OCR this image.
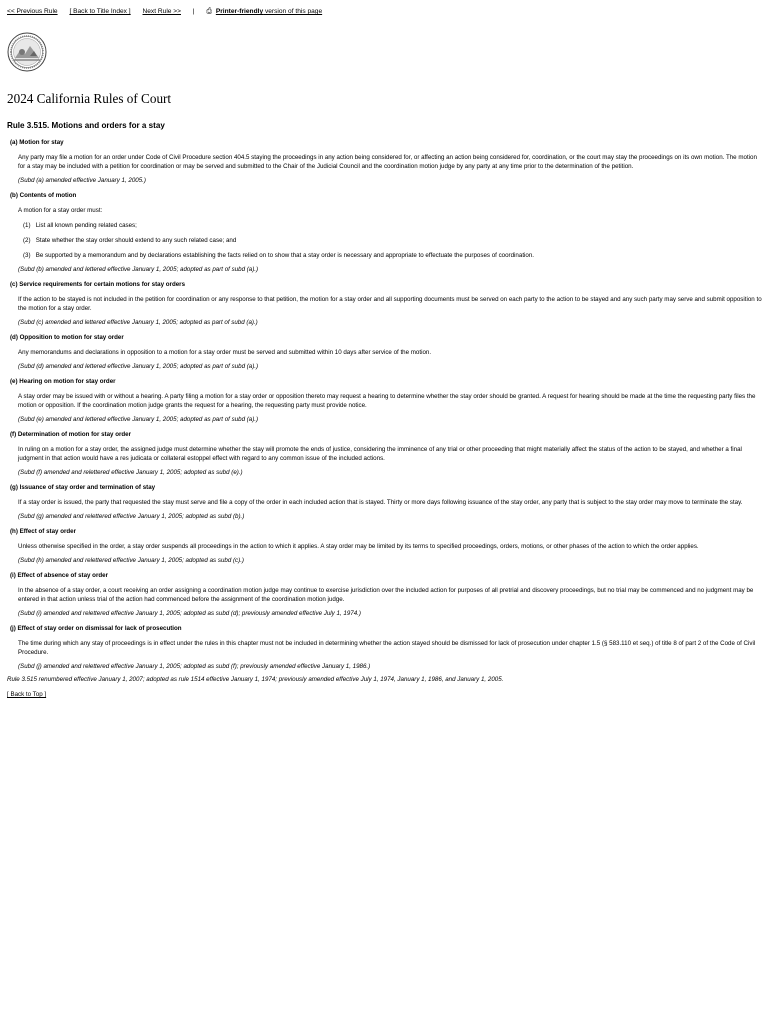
<< Previous Rule [ Back to Title Index ] Next Rule >> | ⎙ Printer-friendly version of this page
2024 California Rules of Court
Rule 3.515. Motions and orders for a stay
(a) Motion for stay
Any party may file a motion for an order under Code of Civil Procedure section 404.5 staying the proceedings in any action being considered for, or affecting an action being considered for, coordination, or the court may stay the proceedings on its own motion. The motion for a stay may be included with a petition for coordination or may be served and submitted to the Chair of the Judicial Council and the coordination motion judge by any party at any time prior to the determination of the petition.
(Subd (a) amended effective January 1, 2005.)
(b) Contents of motion
A motion for a stay order must:
(1) List all known pending related cases;
(2) State whether the stay order should extend to any such related case; and
(3) Be supported by a memorandum and by declarations establishing the facts relied on to show that a stay order is necessary and appropriate to effectuate the purposes of coordination.
(Subd (b) amended and lettered effective January 1, 2005; adopted as part of subd (a).)
(c) Service requirements for certain motions for stay orders
If the action to be stayed is not included in the petition for coordination or any response to that petition, the motion for a stay order and all supporting documents must be served on each party to the action to be stayed and any such party may serve and submit opposition to the motion for a stay order.
(Subd (c) amended and lettered effective January 1, 2005; adopted as part of subd (a).)
(d) Opposition to motion for stay order
Any memorandums and declarations in opposition to a motion for a stay order must be served and submitted within 10 days after service of the motion.
(Subd (d) amended and lettered effective January 1, 2005; adopted as part of subd (a).)
(e) Hearing on motion for stay order
A stay order may be issued with or without a hearing. A party filing a motion for a stay order or opposition thereto may request a hearing to determine whether the stay order should be granted. A request for hearing should be made at the time the requesting party files the motion or opposition. If the coordination motion judge grants the request for a hearing, the requesting party must provide notice.
(Subd (e) amended and lettered effective January 1, 2005; adopted as part of subd (a).)
(f) Determination of motion for stay order
In ruling on a motion for a stay order, the assigned judge must determine whether the stay will promote the ends of justice, considering the imminence of any trial or other proceeding that might materially affect the status of the action to be stayed, and whether a final judgment in that action would have a res judicata or collateral estoppel effect with regard to any common issue of the included actions.
(Subd (f) amended and relettered effective January 1, 2005; adopted as subd (e).)
(g) Issuance of stay order and termination of stay
If a stay order is issued, the party that requested the stay must serve and file a copy of the order in each included action that is stayed. Thirty or more days following issuance of the stay order, any party that is subject to the stay order may move to terminate the stay.
(Subd (g) amended and relettered effective January 1, 2005; adopted as subd (b).)
(h) Effect of stay order
Unless otherwise specified in the order, a stay order suspends all proceedings in the action to which it applies. A stay order may be limited by its terms to specified proceedings, orders, motions, or other phases of the action to which the order applies.
(Subd (h) amended and relettered effective January 1, 2005; adopted as subd (c).)
(i) Effect of absence of stay order
In the absence of a stay order, a court receiving an order assigning a coordination motion judge may continue to exercise jurisdiction over the included action for purposes of all pretrial and discovery proceedings, but no trial may be commenced and no judgment may be entered in that action unless trial of the action had commenced before the assignment of the coordination motion judge.
(Subd (i) amended and relettered effective January 1, 2005; adopted as subd (d); previously amended effective July 1, 1974.)
(j) Effect of stay order on dismissal for lack of prosecution
The time during which any stay of proceedings is in effect under the rules in this chapter must not be included in determining whether the action stayed should be dismissed for lack of prosecution under chapter 1.5 (§ 583.110 et seq.) of title 8 of part 2 of the Code of Civil Procedure.
(Subd (j) amended and relettered effective January 1, 2005; adopted as subd (f); previously amended effective January 1, 1986.)
Rule 3.515 renumbered effective January 1, 2007; adopted as rule 1514 effective January 1, 1974; previously amended effective July 1, 1974, January 1, 1986, and January 1, 2005.
[ Back to Top ]
